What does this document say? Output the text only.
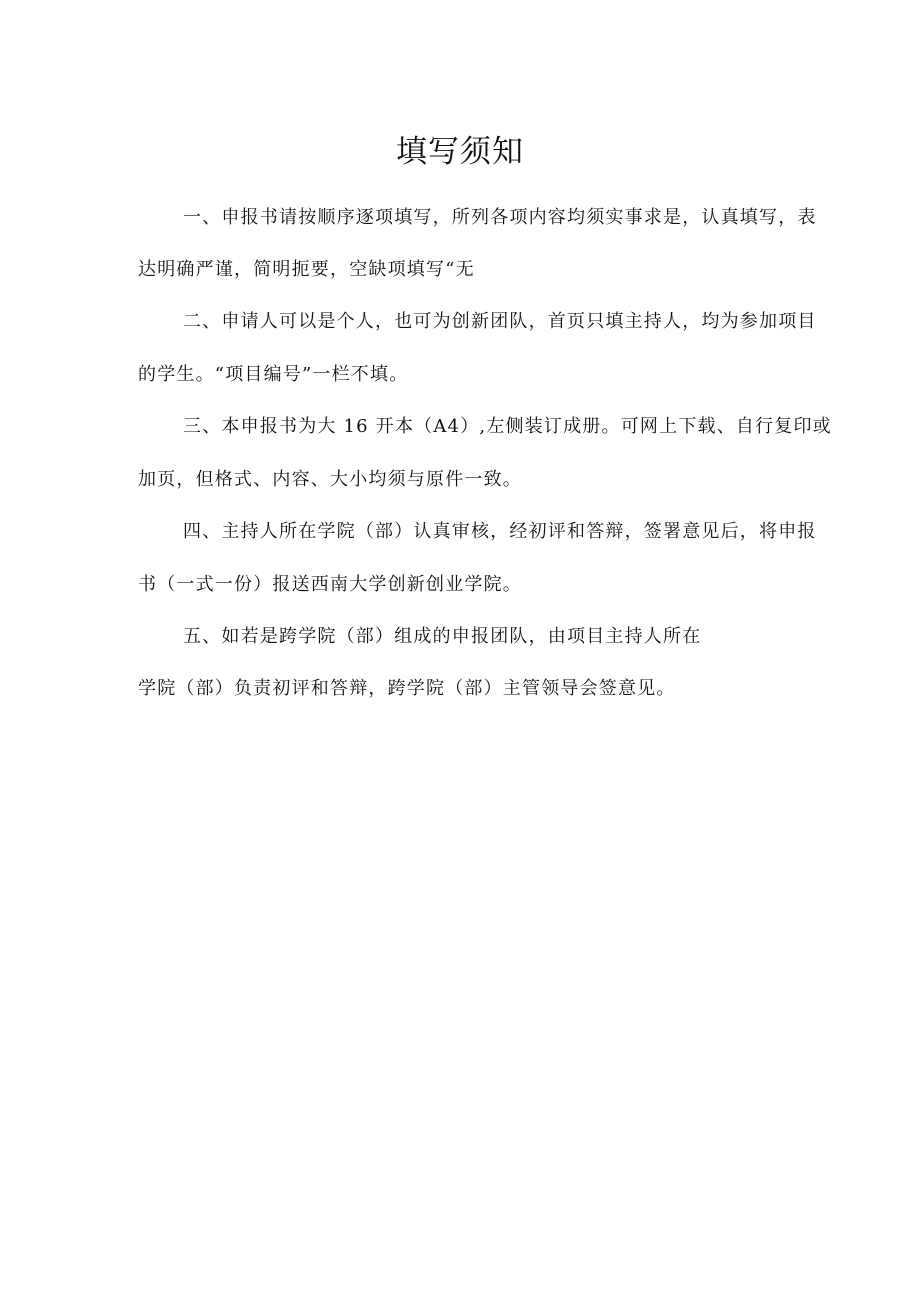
填写须知
一、申报书请按顺序逐项填写，所列各项内容均须实事求是，认真填写，表
达明确严谨，简明扼要，空缺项填写“无
二、申请人可以是个人，也可为创新团队，首页只填主持人，均为参加项目
的学生。“项目编号”一栏不填。
三、本申报书为大 16 开本（A4）,左侧装订成册。可网上下载、自行复印或
加页，但格式、内容、大小均须与原件一致。
四、主持人所在学院（部）认真审核，经初评和答辩，签署意见后，将申报
书（一式一份）报送西南大学创新创业学院。
五、如若是跨学院（部）组成的申报团队，由项目主持人所在
学院（部）负责初评和答辩，跨学院（部）主管领导会签意见。
